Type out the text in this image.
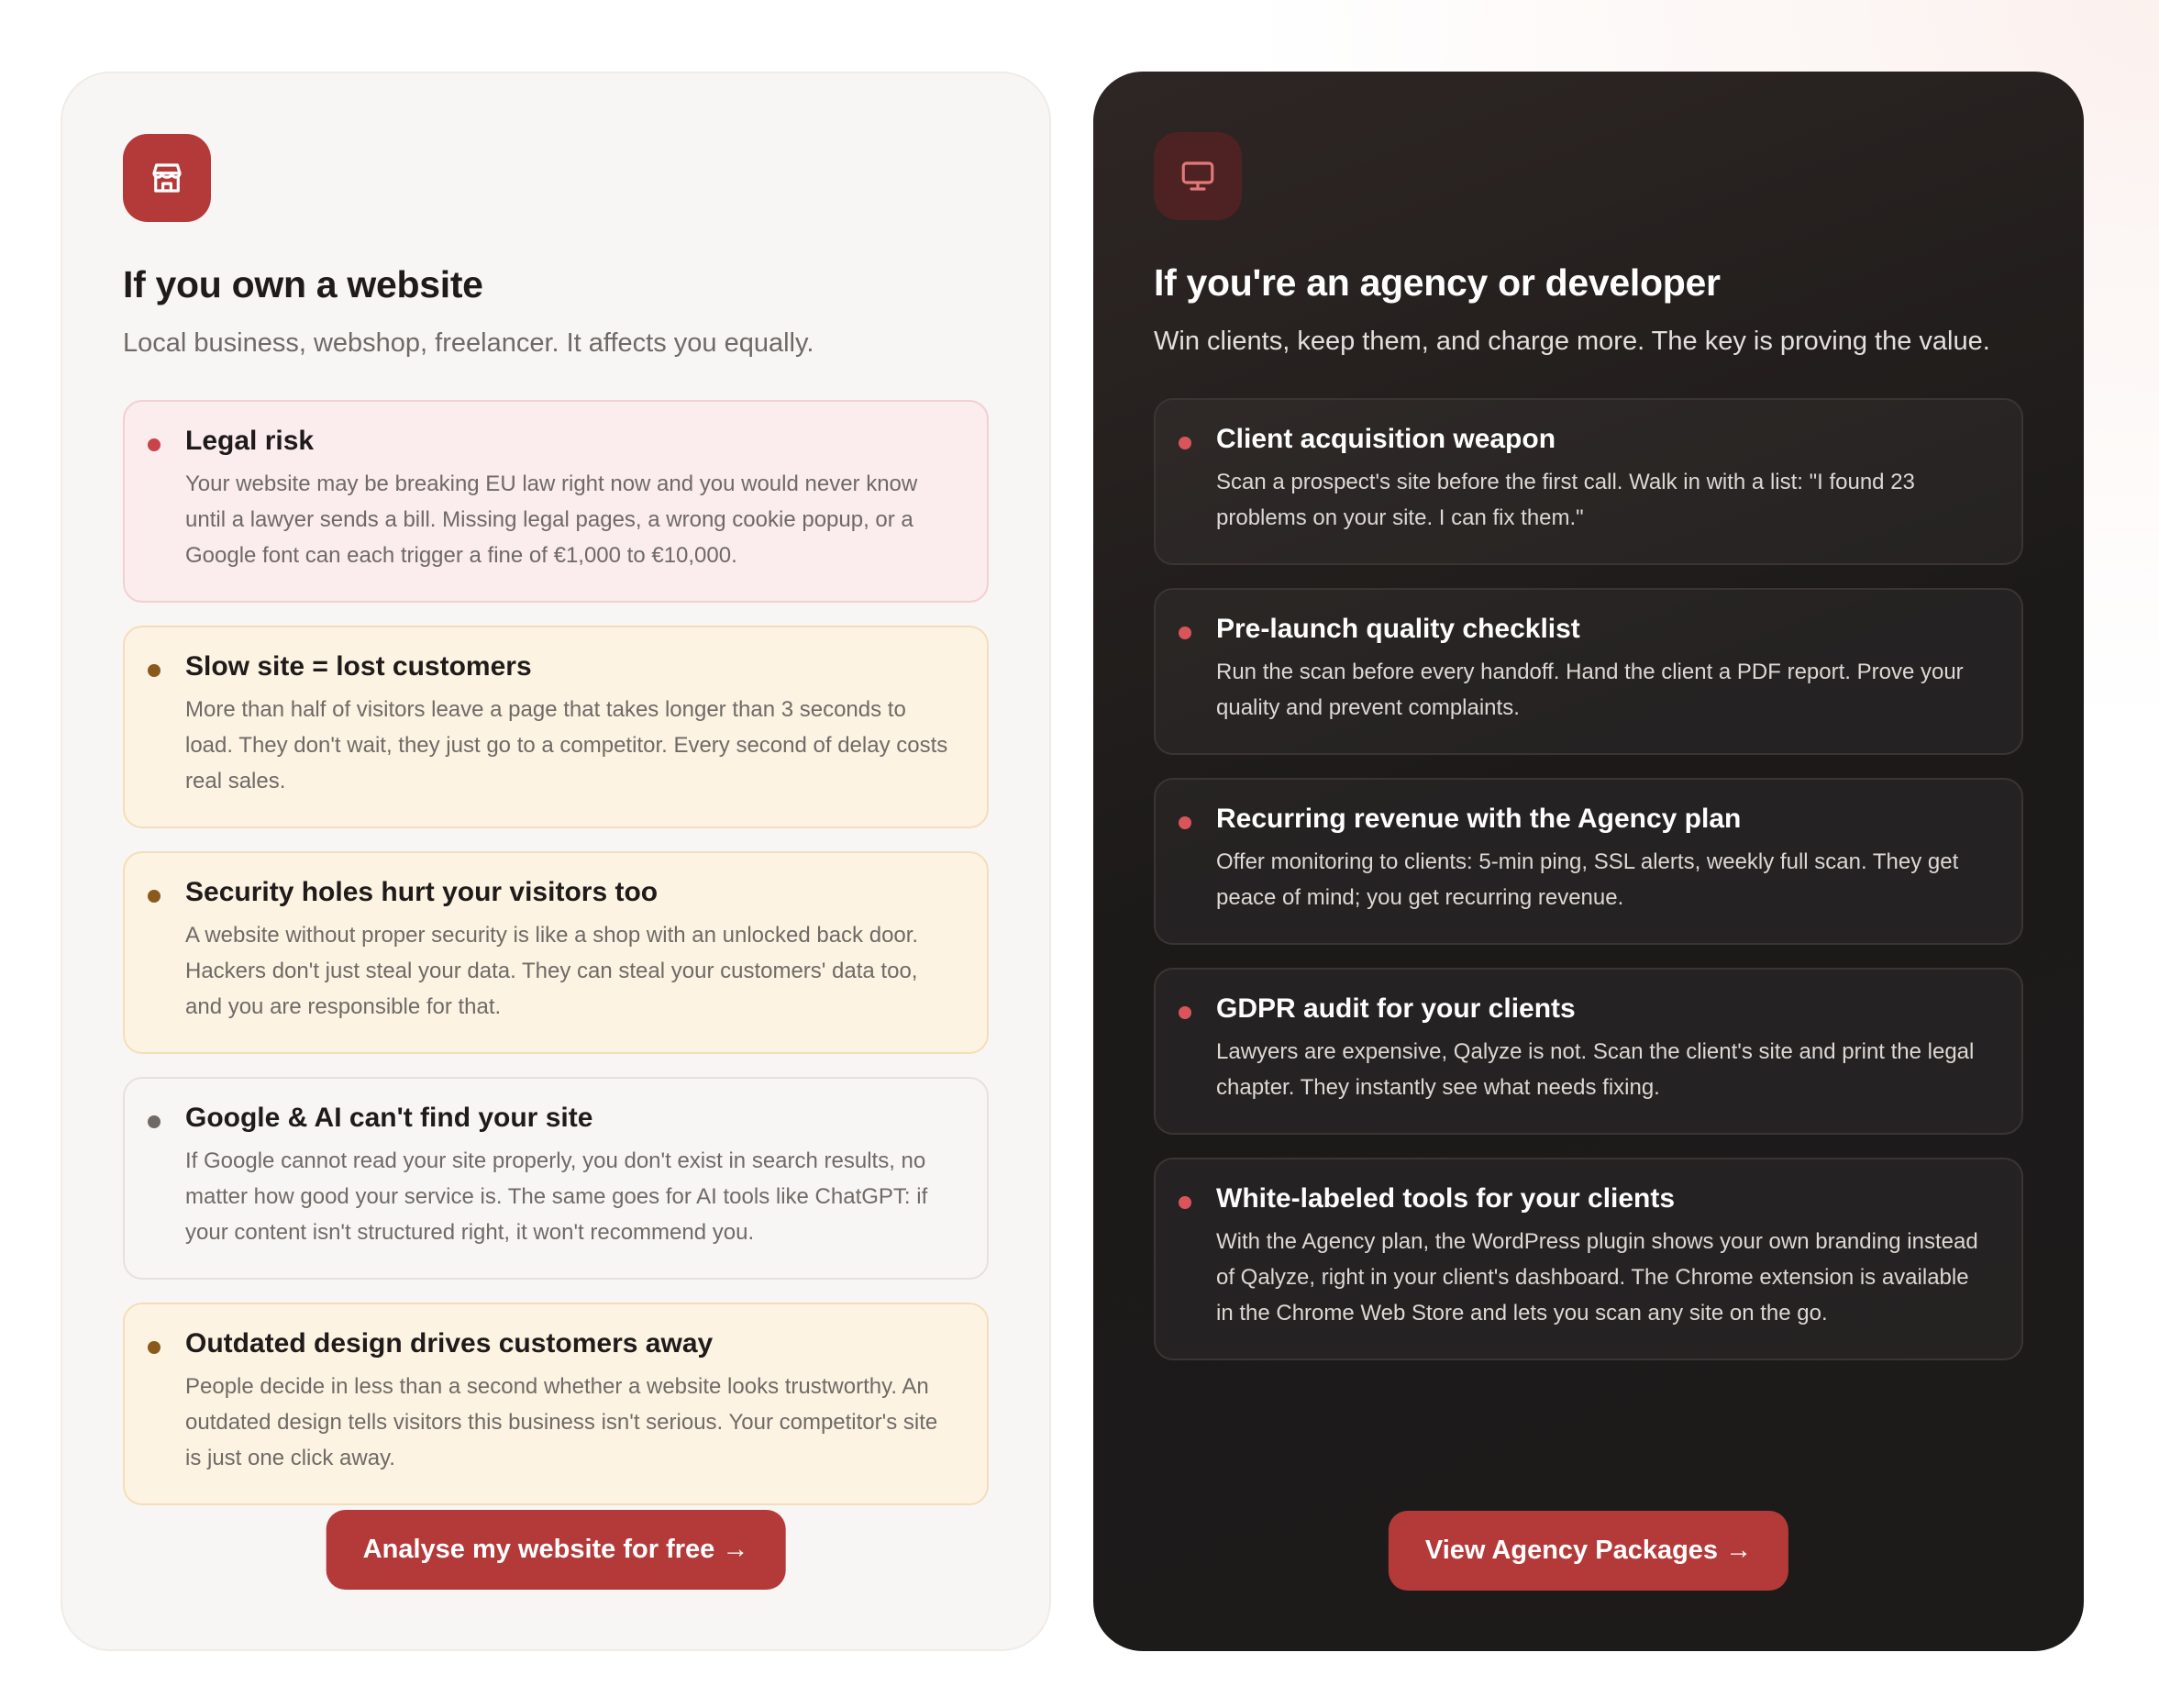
If you own a website

Local business, webshop, freelancer. It affects you equally.

Legal risk
Your website may be breaking EU law right now and you would never know until a lawyer sends a bill. Missing legal pages, a wrong cookie popup, or a Google font can each trigger a fine of €1,000 to €10,000.
Slow site = lost customers
More than half of visitors leave a page that takes longer than 3 seconds to load. They don't wait, they just go to a competitor. Every second of delay costs real sales.
Security holes hurt your visitors too
A website without proper security is like a shop with an unlocked back door. Hackers don't just steal your data. They can steal your customers' data too, and you are responsible for that.
Google & AI can't find your site
If Google cannot read your site properly, you don't exist in search results, no matter how good your service is. The same goes for AI tools like ChatGPT: if your content isn't structured right, it won't recommend you.
Outdated design drives customers away
People decide in less than a second whether a website looks trustworthy. An outdated design tells visitors this business isn't serious. Your competitor's site is just one click away.
Analyse my website for free →
If you're an agency or developer

Win clients, keep them, and charge more. The key is proving the value.

Client acquisition weapon
Scan a prospect's site before the first call. Walk in with a list: "I found 23 problems on your site. I can fix them."
Pre-launch quality checklist
Run the scan before every handoff. Hand the client a PDF report. Prove your quality and prevent complaints.
Recurring revenue with the Agency plan
Offer monitoring to clients: 5-min ping, SSL alerts, weekly full scan. They get peace of mind; you get recurring revenue.
GDPR audit for your clients
Lawyers are expensive, Qalyze is not. Scan the client's site and print the legal chapter. They instantly see what needs fixing.
White-labeled tools for your clients
With the Agency plan, the WordPress plugin shows your own branding instead of Qalyze, right in your client's dashboard. The Chrome extension is available in the Chrome Web Store and lets you scan any site on the go.
View Agency Packages →
